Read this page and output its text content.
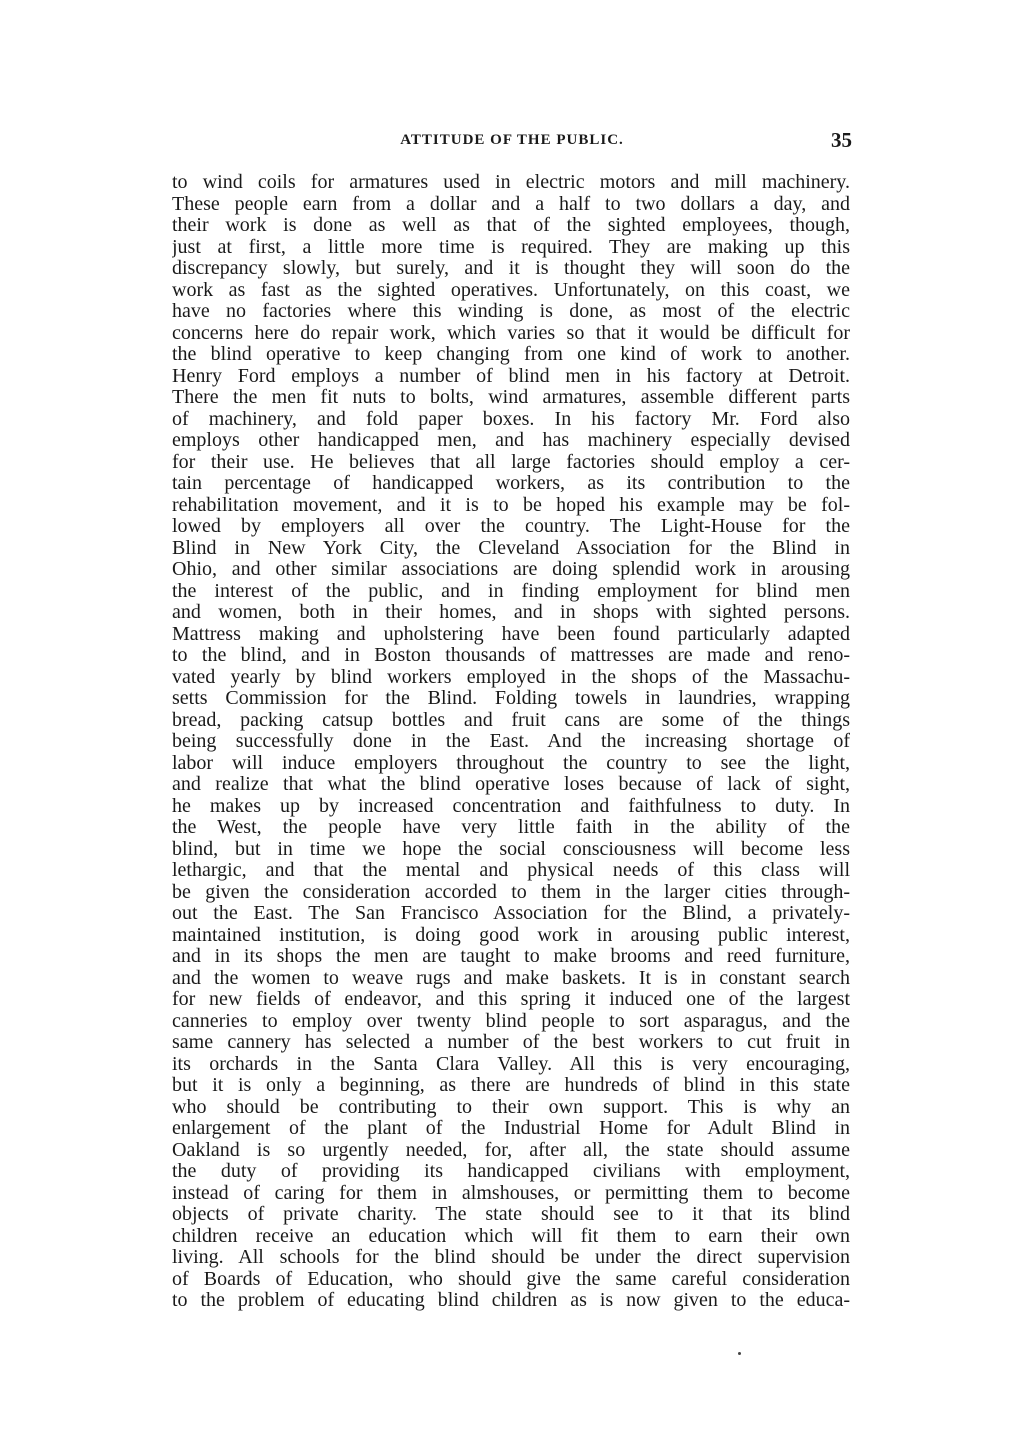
ATTITUDE OF THE PUBLIC.	35
to wind coils for armatures used in electric motors and mill machinery.
These people earn from a dollar and a half to two dollars a day, and
their work is done as well as that of the sighted employees, though,
just at first, a little more time is required. They are making up this
discrepancy slowly, but surely, and it is thought they will soon do the
work as fast as the sighted operatives. Unfortunately, on this coast, we
have no factories where this winding is done, as most of the electric
concerns here do repair work, which varies so that it would be difficult for
the blind operative to keep changing from one kind of work to another.
Henry Ford employs a number of blind men in his factory at Detroit.
There the men fit nuts to bolts, wind armatures, assemble different parts
of machinery, and fold paper boxes. In his factory Mr. Ford also
employs other handicapped men, and has machinery especially devised
for their use. He believes that all large factories should employ a cer-
tain percentage of handicapped workers, as its contribution to the
rehabilitation movement, and it is to be hoped his example may be fol-
lowed by employers all over the country. The Light-House for the
Blind in New York City, the Cleveland Association for the Blind in
Ohio, and other similar associations are doing splendid work in arousing
the interest of the public, and in finding employment for blind men
and women, both in their homes, and in shops with sighted persons.
Mattress making and upholstering have been found particularly adapted
to the blind, and in Boston thousands of mattresses are made and reno-
vated yearly by blind workers employed in the shops of the Massachu-
setts Commission for the Blind. Folding towels in laundries, wrapping
bread, packing catsup bottles and fruit cans are some of the things
being successfully done in the East. And the increasing shortage of
labor will induce employers throughout the country to see the light,
and realize that what the blind operative loses because of lack of sight,
he makes up by increased concentration and faithfulness to duty. In
the West, the people have very little faith in the ability of the
blind, but in time we hope the social consciousness will become less
lethargic, and that the mental and physical needs of this class will
be given the consideration accorded to them in the larger cities through-
out the East. The San Francisco Association for the Blind, a privately-
maintained institution, is doing good work in arousing public interest,
and in its shops the men are taught to make brooms and reed furniture,
and the women to weave rugs and make baskets. It is in constant search
for new fields of endeavor, and this spring it induced one of the largest
canneries to employ over twenty blind people to sort asparagus, and the
same cannery has selected a number of the best workers to cut fruit in
its orchards in the Santa Clara Valley. All this is very encouraging,
but it is only a beginning, as there are hundreds of blind in this state
who should be contributing to their own support. This is why an
enlargement of the plant of the Industrial Home for Adult Blind in
Oakland is so urgently needed, for, after all, the state should assume
the duty of providing its handicapped civilians with employment,
instead of caring for them in almshouses, or permitting them to become
objects of private charity. The state should see to it that its blind
children receive an education which will fit them to earn their own
living. All schools for the blind should be under the direct supervision
of Boards of Education, who should give the same careful consideration
to the problem of educating blind children as is now given to the educa-
